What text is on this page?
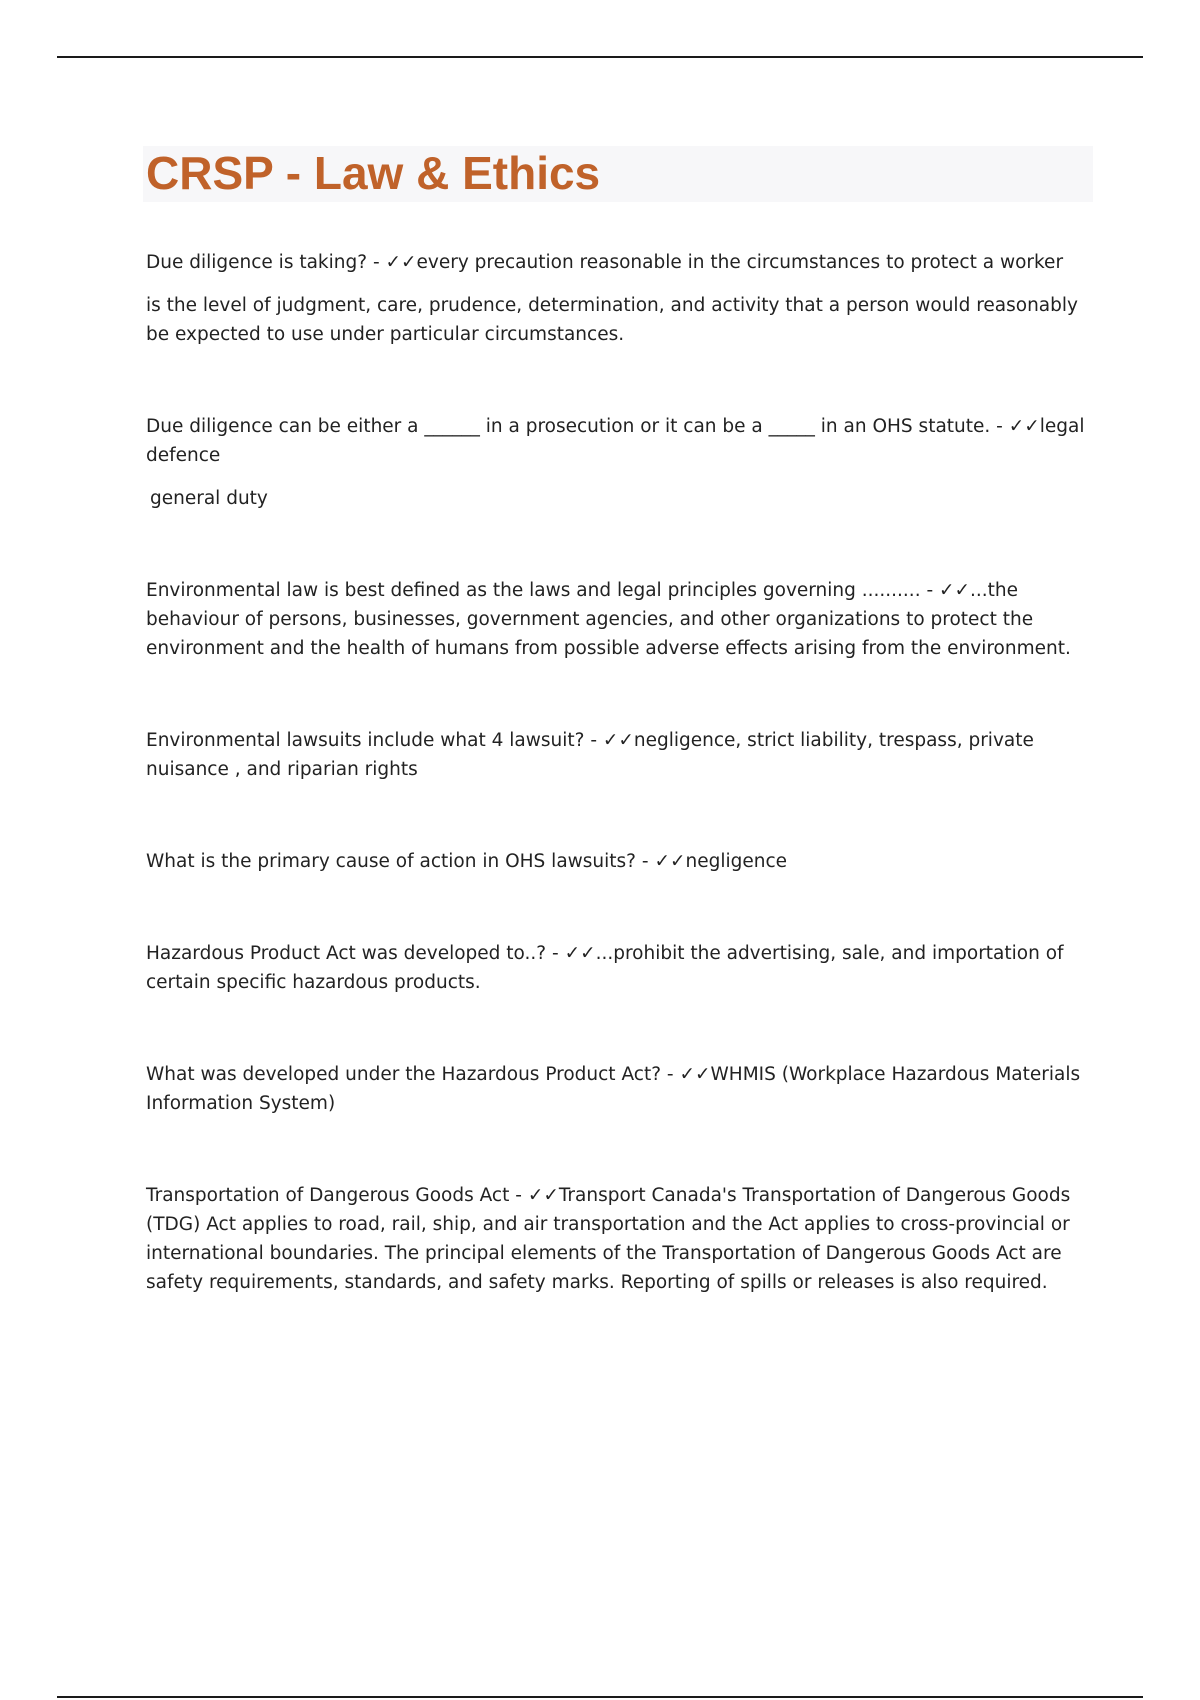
CRSP - Law & Ethics

Due diligence is taking? - ✓✓every precaution reasonable in the circumstances to protect a worker

is the level of judgment, care, prudence, determination, and activity that a person would reasonably be expected to use under particular circumstances.

Due diligence can be either a ______ in a prosecution or it can be a _____ in an OHS statute. - ✓✓legal defence

general duty

Environmental law is best defined as the laws and legal principles governing .......... - ✓✓...the behaviour of persons, businesses, government agencies, and other organizations to protect the environment and the health of humans from possible adverse effects arising from the environment.

Environmental lawsuits include what 4 lawsuit? - ✓✓negligence, strict liability, trespass, private nuisance , and riparian rights

What is the primary cause of action in OHS lawsuits? - ✓✓negligence

Hazardous Product Act was developed to..? - ✓✓...prohibit the advertising, sale, and importation of certain specific hazardous products.

What was developed under the Hazardous Product Act? - ✓✓WHMIS (Workplace Hazardous Materials Information System)

Transportation of Dangerous Goods Act - ✓✓Transport Canada's Transportation of Dangerous Goods (TDG) Act applies to road, rail, ship, and air transportation and the Act applies to cross-provincial or international boundaries. The principal elements of the Transportation of Dangerous Goods Act are safety requirements, standards, and safety marks. Reporting of spills or releases is also required.
